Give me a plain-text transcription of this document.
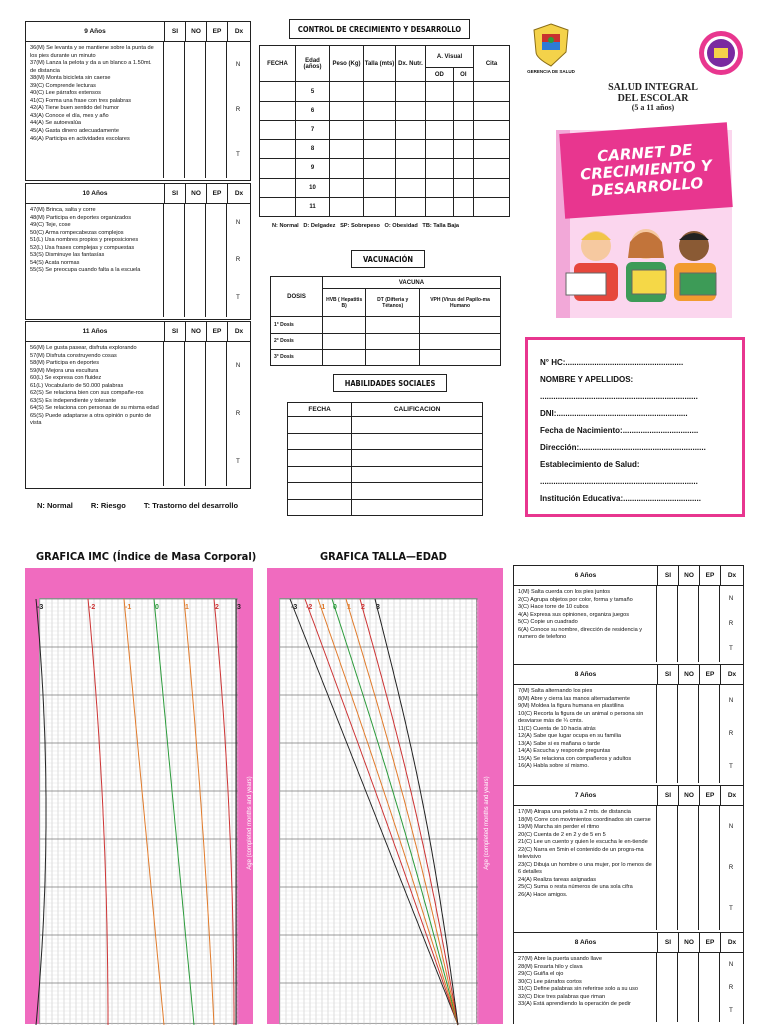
9 Años	SI	NO	EP	Dx
36(M) Se levanta y se mantiene sobre la punta de los pies durante un minuto
37(M) Lanza la pelota y da a un blanco a 1.50mt. de distancia
38(M) Monta bicicleta sin caerse
39(C) Comprende lecturas
40(C) Lee párrafos extensos
41(C) Forma una frase con tres palabras
42(A) Tiene buen sentido del humor
43(A) Conoce el día, mes y año
44(A) Se autoevalúa
45(A) Gasta dinero adecuadamente
46(A) Participa en actividades escolares
N
R
T
10 Años	SI	NO	EP	Dx
47(M) Brinca, salta y corre
48(M) Participa en deportes organizados
49(C) Teje, cose
50(C) Arma rompecabezas complejos
51(L) Usa nombres propios y preposiciones
52(L) Usa frases complejas y compuestas
53(S) Disminuye las fantasías
54(S) Acata normas
55(S) Se preocupa cuando falta a la escuela
N
R
T
11 Años	SI	NO	EP	Dx
56(M) Le gusta pasear, disfruta explorando
57(M) Disfruta construyendo cosas
58(M) Participa en deportes
59(M) Mejora una escultura
60(L) Se expresa con fluidez
61(L) Vocabulario de 50.000 palabras
62(S) Se relaciona bien con sus compañe-ros
63(S) Es independiente y tolerante
64(S) Se relaciona con personas de su misma edad
65(S) Puede adaptarse a otra opinión o punto de vista
N
R
T
N: Normal R: Riesgo T: Trastorno del desarrollo
CONTROL DE CRECIMIENTO Y DESARROLLO
FECHA	Edad (años)	Peso (Kg)	Talla (mts)	Dx. Nutr.	A. Visual		Cita
					OD	OI	
	5						
	6						
	7						
	8						
	9						
	10						
	11						
N: Normal   D: Delgadez   SP: Sobrepeso   O: Obesidad   TB: Talla Baja
VACUNACIÓN
DOSIS	VACUNA		
	HVB ( Hepatitis B)	DT (Difteria y Tétanos)	VPH (Virus del Papilo-ma Humano
1° Dosis			
2° Dosis			
3° Dosis			
HABILIDADES SOCIALES
FECHA	CALIFICACION

GERENCIA DE SALUD
SALUD INTEGRAL
DEL ESCOLAR
(5 a 11 años)
CARNET DE CRECIMIENTO Y DESARROLLO
N° HC:.....................................................
NOMBRE Y APELLIDOS:
.......................................................................
DNI:...........................................................
Fecha de Nacimiento:..................................
Dirección:.........................................................
Establecimiento de Salud:
.......................................................................
Institución Educativa:...................................
GRAFICA IMC (Índice de Masa Corporal)	GRAFICA TALLA—EDAD
-3	-2	-1	0	1	2	3
Age (completed months and years)
-3 -2 -1 0 1 2 3
Age (completed months and years)
6 Años	SI	NO	EP	Dx
1(M) Salta cuerda con los pies juntos
2(C) Agrupa objetos por color, forma y tamaño
3(C) Hace torre de 10 cubos
4(A) Expresa sus opiniones, organiza juegos
5(C) Copie un cuadrado
6(A) Conoce su nombre, dirección de residencia y numero de telefono
N
R
T
8 Años	SI	NO	EP	Dx
7(M) Salta alternando los pies
8(M) Abre y cierra las manos alternadamente
9(M) Moldea la figura humana en plastilina
10(C) Recorta la figura de un animal o persona sin desviarse más de ¼ cmts.
11(C) Cuenta de 10 hacia atrás
12(A) Sabe que lugar ocupa en su familia
13(A) Sabe si es mañana o tarde
14(A) Escucha y responde preguntas
15(A) Se relaciona con compañeros y adultos
16(A) Habla sobre sí mismo.
N
R
T
7 Años	SI	NO	EP	Dx
17(M) Atrapa una pelota a 2 mts. de distancia
18(M) Corre con movimientos coordinados sin caerse
19(M) Marcha sin perder el ritmo
20(C) Cuenta de 2 en 2 y de 5 en 5
21(C) Lee un cuento y quien le escucha le en-tiende
22(C) Narra en 5min el contenido de un progra-ma televisivo
23(C) Dibuja un hombre o una mujer, por lo menos de 6 detalles
24(A) Realiza tareas asignadas
25(C) Suma o resta números de una sola cifra
26(A) Hace amigos.
N
R
T
8 Años	SI	NO	EP	Dx
27(M) Abre la puerta usando llave
28(M) Ensarta hilo y clava
29(C) Guiña el ojo
30(C) Lee párrafos cortos
31(C) Define palabras sin referirse solo a su uso
32(C) Dice tres palabras que riman
33(A) Está aprendiendo la operación de pedir
N
R
T
